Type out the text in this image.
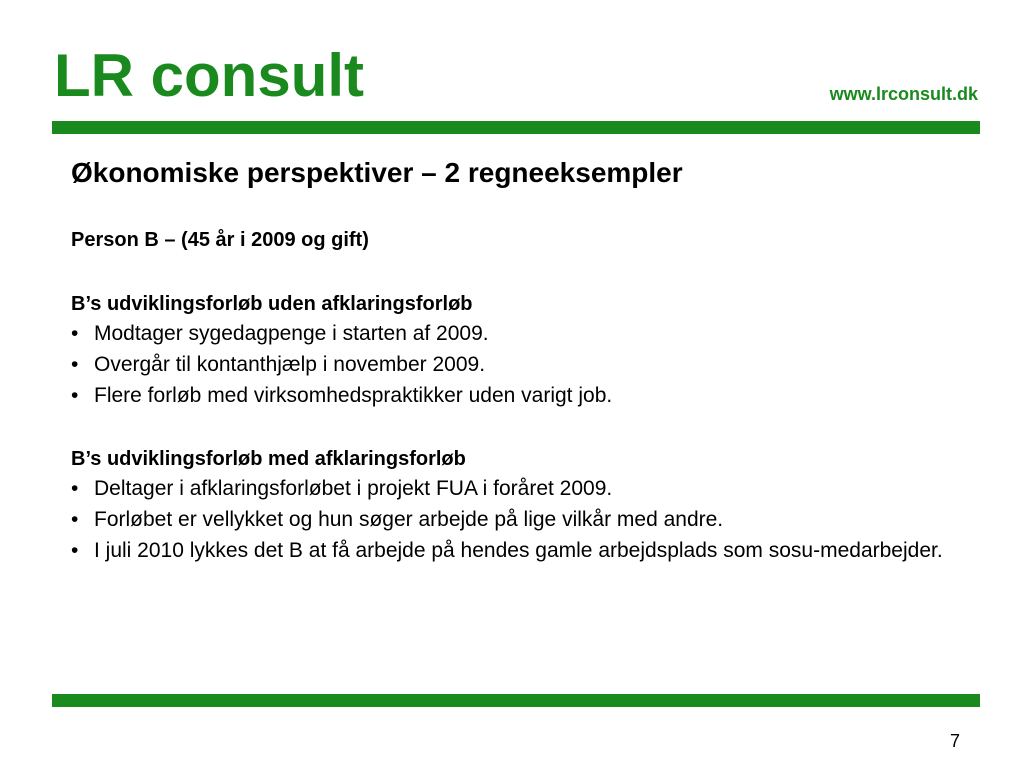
LR consult	www.lrconsult.dk
Økonomiske perspektiver – 2 regneeksempler
Person B – (45 år i 2009 og gift)
B’s udviklingsforløb uden afklaringsforløb
• Modtager sygedagpenge i starten af 2009.
• Overgår til kontanthjælp i november 2009.
• Flere forløb med virksomhedspraktikker uden varigt job.
B’s udviklingsforløb med afklaringsforløb
• Deltager i afklaringsforløbet i projekt FUA i foråret 2009.
• Forløbet er vellykket og hun søger arbejde på lige vilkår med andre.
• I juli 2010 lykkes det B at få arbejde på hendes gamle arbejdsplads som sosu-medarbejder.
7
